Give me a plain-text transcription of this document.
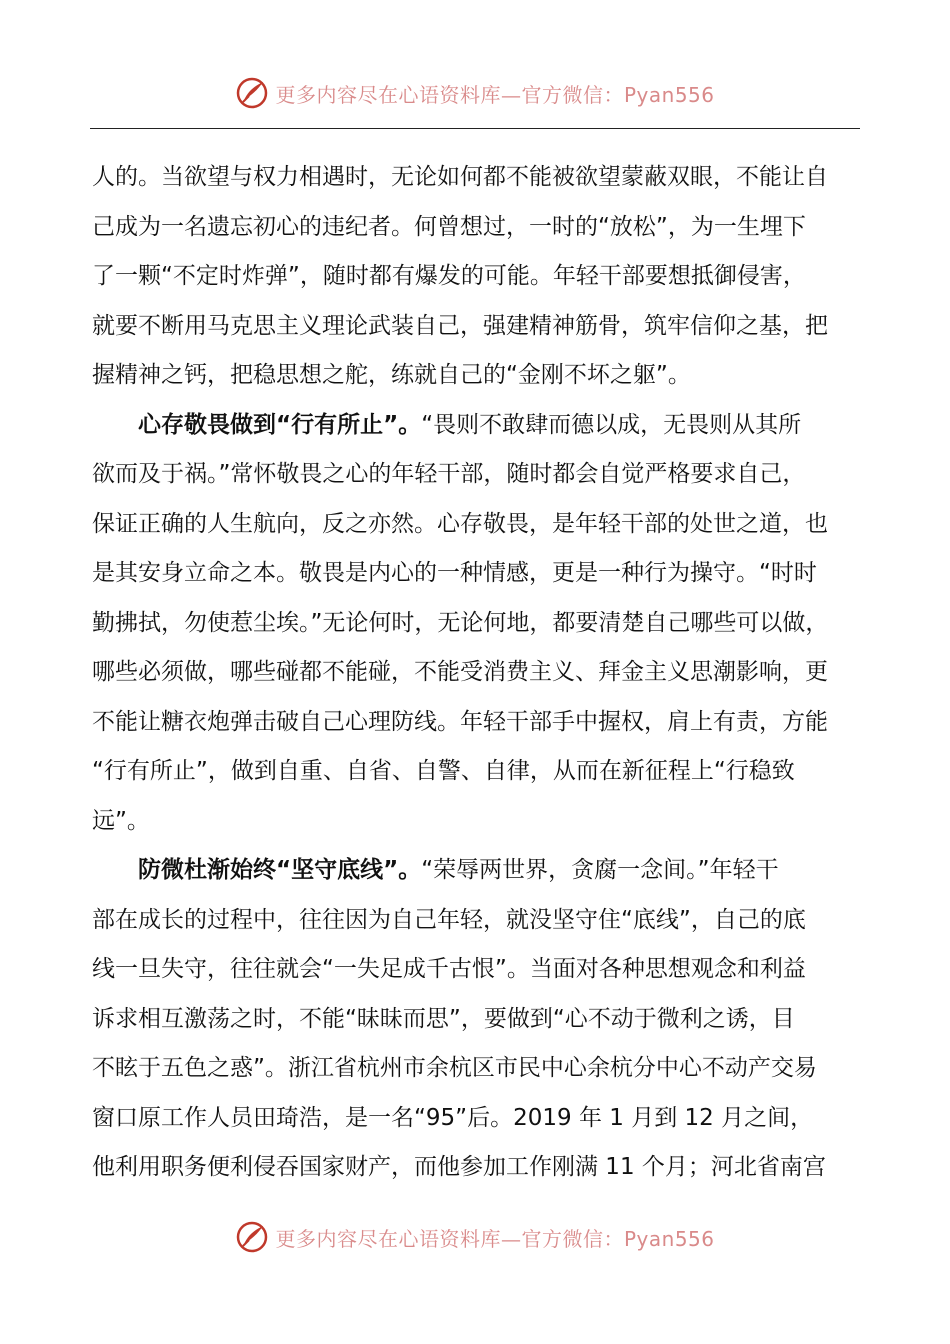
更多内容尽在心语资料库—官方微信：Pyan556
人的。当欲望与权力相遇时，无论如何都不能被欲望蒙蔽双眼，不能让自
己成为一名遗忘初心的违纪者。何曾想过，一时的“放松”，为一生埋下
了一颗“不定时炸弹”，随时都有爆发的可能。年轻干部要想抵御侵害，
就要不断用马克思主义理论武装自己，强建精神筋骨，筑牢信仰之基，把
握精神之钙，把稳思想之舵，练就自己的“金刚不坏之躯”。
心存敬畏做到“行有所止”。“畏则不敢肆而德以成，无畏则从其所
欲而及于祸。”常怀敬畏之心的年轻干部，随时都会自觉严格要求自己，
保证正确的人生航向，反之亦然。心存敬畏，是年轻干部的处世之道，也
是其安身立命之本。敬畏是内心的一种情感，更是一种行为操守。“时时
勤拂拭，勿使惹尘埃。”无论何时，无论何地，都要清楚自己哪些可以做，
哪些必须做，哪些碰都不能碰，不能受消费主义、拜金主义思潮影响，更
不能让糖衣炮弹击破自己心理防线。年轻干部手中握权，肩上有责，方能
“行有所止”，做到自重、自省、自警、自律，从而在新征程上“行稳致
远”。
防微杜渐始终“坚守底线”。“荣辱两世界，贪腐一念间。”年轻干
部在成长的过程中，往往因为自己年轻，就没坚守住“底线”，自己的底
线一旦失守，往往就会“一失足成千古恨”。当面对各种思想观念和利益
诉求相互激荡之时，不能“昧昧而思”，要做到“心不动于微利之诱，目
不眩于五色之惑”。浙江省杭州市余杭区市民中心余杭分中心不动产交易
窗口原工作人员田琦浩，是一名“95”后。2019 年 1 月到 12 月之间，
他利用职务便利侵吞国家财产，而他参加工作刚满 11 个月；河北省南宫
更多内容尽在心语资料库—官方微信：Pyan556
